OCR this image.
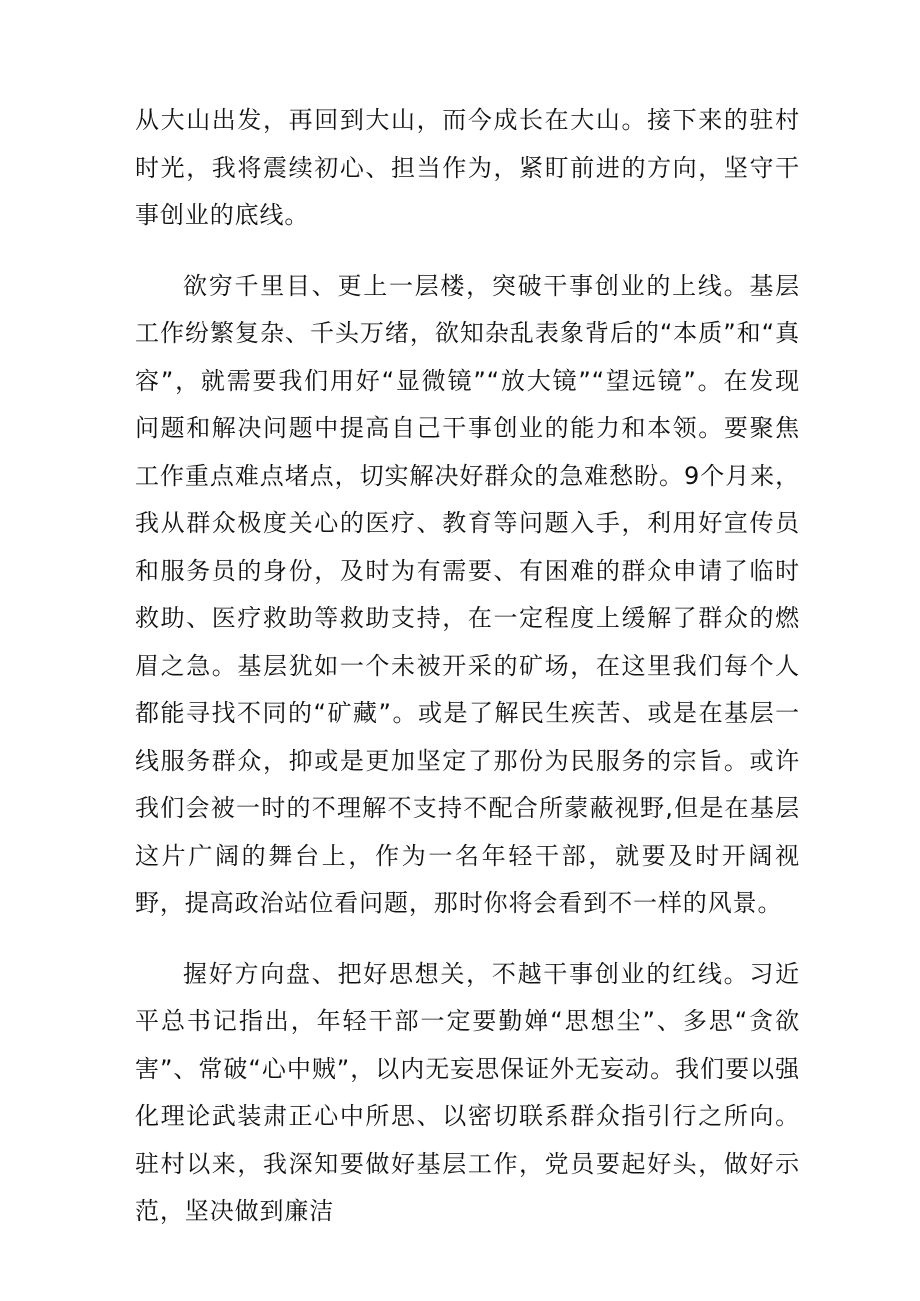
从大山出发，再回到大山，而今成长在大山。接下来的驻村时光，我将震续初心、担当作为，紧盯前进的方向，坚守干事创业的底线。

欲穷千里目、更上一层楼，突破干事创业的上线。基层工作纷繁复杂、千头万绪，欲知杂乱表象背后的“本质”和“真容”，就需要我们用好“显微镜”“放大镜”“望远镜”。在发现问题和解决问题中提高自己干事创业的能力和本领。要聚焦工作重点难点堵点，切实解决好群众的急难愁盼。9个月来，我从群众极度关心的医疗、教育等问题入手，利用好宣传员和服务员的身份，及时为有需要、有困难的群众申请了临时救助、医疗救助等救助支持，在一定程度上缓解了群众的燃眉之急。基层犹如一个未被开采的矿场，在这里我们每个人都能寻找不同的“矿藏”。或是了解民生疾苦、或是在基层一线服务群众，抑或是更加坚定了那份为民服务的宗旨。或许我们会被一时的不理解不支持不配合所蒙蔽视野,但是在基层这片广阔的舞台上，作为一名年轻干部，就要及时开阔视野，提高政治站位看问题，那时你将会看到不一样的风景。

握好方向盘、把好思想关，不越干事创业的红线。习近平总书记指出，年轻干部一定要勤婵“思想尘”、多思“贪欲害”、常破“心中贼”，以内无妄思保证外无妄动。我们要以强化理论武装肃正心中所思、以密切联系群众指引行之所向。驻村以来，我深知要做好基层工作，党员要起好头，做好示范，坚决做到廉洁
